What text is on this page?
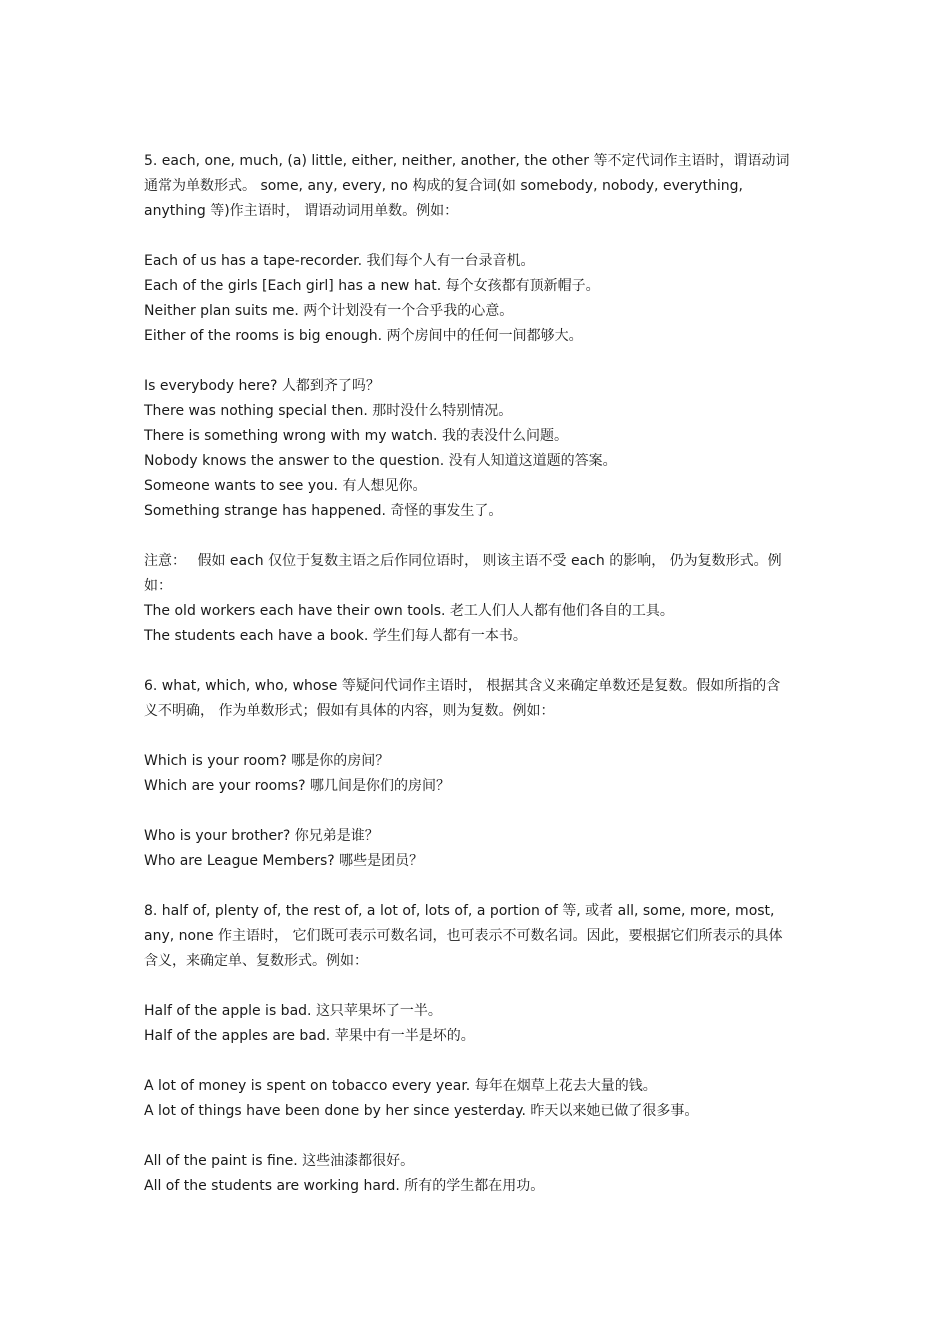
5. each, one, much, (a) little, either, neither, another, the other 等不定代词作主语时，谓语动词
通常为单数形式。 some, any, every, no 构成的复合词(如 somebody, nobody, everything,
anything 等)作主语时， 谓语动词用单数。例如：
Each of us has a tape-recorder. 我们每个人有一台录音机。
Each of the girls [Each girl] has a new hat. 每个女孩都有顶新帽子。
Neither plan suits me. 两个计划没有一个合乎我的心意。
Either of the rooms is big enough. 两个房间中的任何一间都够大。
Is everybody here? 人都到齐了吗？
There was nothing special then. 那时没什么特别情况。
There is something wrong with my watch. 我的表没什么问题。
Nobody knows the answer to the question. 没有人知道这道题的答案。
Someone wants to see you. 有人想见你。
Something strange has happened. 奇怪的事发生了。
注意：　 假如 each 仅位于复数主语之后作同位语时， 则该主语不受 each 的影响， 仍为复数形式。例
如：
The old workers each have their own tools. 老工人们人人都有他们各自的工具。
The students each have a book. 学生们每人都有一本书。
6. what, which, who, whose 等疑问代词作主语时， 根据其含义来确定单数还是复数。假如所指的含
义不明确， 作为单数形式；假如有具体的内容，则为复数。例如：
Which is your room? 哪是你的房间？
Which are your rooms? 哪几间是你们的房间？
Who is your brother? 你兄弟是谁？
Who are League Members? 哪些是团员？
8. half of, plenty of, the rest of, a lot of, lots of, a portion of 等, 或者 all, some, more, most,
any, none 作主语时， 它们既可表示可数名词，也可表示不可数名词。因此，要根据它们所表示的具体
含义，来确定单、复数形式。例如：
Half of the apple is bad. 这只苹果坏了一半。
Half of the apples are bad. 苹果中有一半是坏的。
A lot of money is spent on tobacco every year. 每年在烟草上花去大量的钱。
A lot of things have been done by her since yesterday. 昨天以来她已做了很多事。
All of the paint is fine. 这些油漆都很好。
All of the students are working hard. 所有的学生都在用功。
